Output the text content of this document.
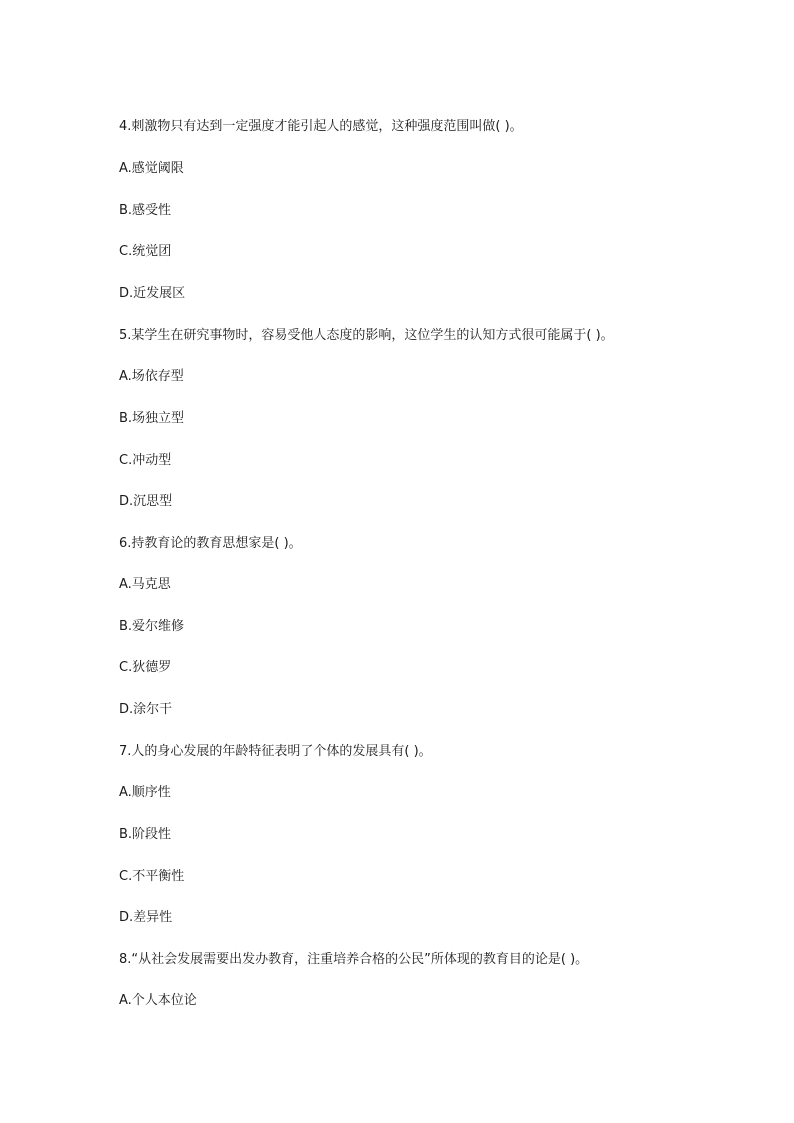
4.刺激物只有达到一定强度才能引起人的感觉，这种强度范围叫做( )。
A.感觉阈限
B.感受性
C.统觉团
D.近发展区
5.某学生在研究事物时，容易受他人态度的影响，这位学生的认知方式很可能属于( )。
A.场依存型
B.场独立型
C.冲动型
D.沉思型
6.持教育论的教育思想家是( )。
A.马克思
B.爱尔维修
C.狄德罗
D.涂尔干
7.人的身心发展的年龄特征表明了个体的发展具有( )。
A.顺序性
B.阶段性
C.不平衡性
D.差异性
8.“从社会发展需要出发办教育，注重培养合格的公民”所体现的教育目的论是( )。
A.个人本位论
